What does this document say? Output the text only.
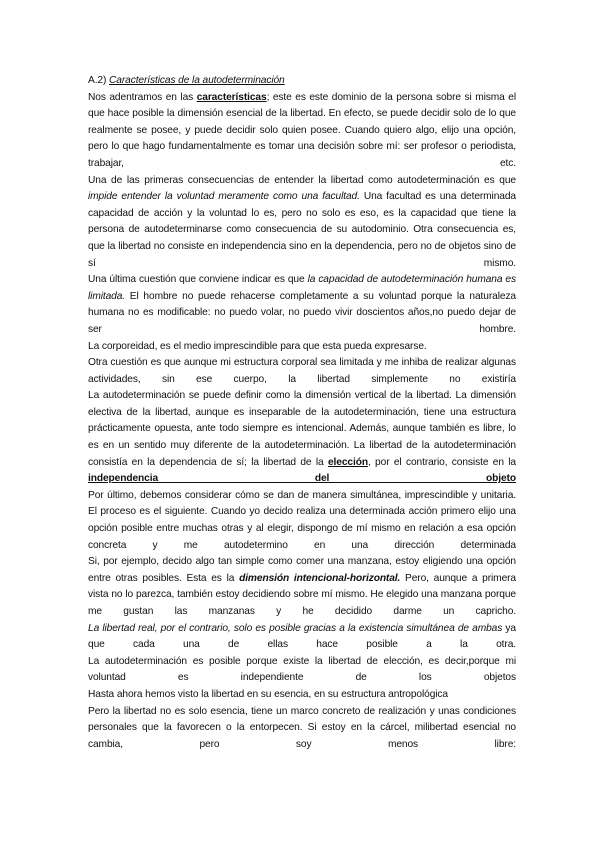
A.2) Características de la autodeterminación
Nos adentramos en las características; este es este dominio de la persona sobre si misma el que hace posible la dimensión esencial de la libertad. En efecto, se puede decidir solo de lo que realmente se posee, y puede decidir solo quien posee. Cuando quiero algo, elijo una opción, pero lo que hago fundamentalmente es tomar una decisión sobre mí: ser profesor o periodista, trabajar, etc.
Una de las primeras consecuencias de entender la libertad como autodeterminación es que impide entender la voluntad meramente como una facultad. Una facultad es una determinada capacidad de acción y la voluntad lo es, pero no solo es eso, es la capacidad que tiene la persona de autodeterminarse como consecuencia de su autodominio. Otra consecuencia es, que la libertad no consiste en independencia sino en la dependencia, pero no de objetos sino de sí mismo.
Una última cuestión que conviene indicar es que la capacidad de autodeterminación humana es limitada. El hombre no puede rehacerse completamente a su voluntad porque la naturaleza humana no es modificable: no puedo volar, no puedo vivir doscientos años,no puedo dejar de ser hombre.
La corporeidad, es el medio imprescindible para que esta pueda expresarse.
Otra cuestión es que aunque mi estructura corporal sea limitada y me inhiba de realizar algunas actividades, sin ese cuerpo, la libertad simplemente no existiría
La autodeterminación se puede definir como la dimensión vertical de la libertad. La dimensión electiva de la libertad, aunque es inseparable de la autodeterminación, tiene una estructura prácticamente opuesta, ante todo siempre es intencional. Además, aunque también es libre, lo es en un sentido muy diferente de la autodeterminación. La libertad de la autodeterminación consistía en la dependencia de sí; la libertad de la elección, por el contrario, consiste en la independencia del objeto
Por último, debemos considerar cómo se dan de manera simultánea, imprescindible y unitaria.
El proceso es el siguiente. Cuando yo decido realiza una determinada acción primero elijo una opción posible entre muchas otras y al elegir, dispongo de mí mismo en relación a esa opción concreta y me autodetermino en una dirección determinada
Si, por ejemplo, decido algo tan simple como comer una manzana, estoy eligiendo una opción entre otras posibles. Esta es la dimensión intencional-horizontal. Pero, aunque a primera vista no lo parezca, también estoy decidiendo sobre mí mismo. He elegido una manzana porque me gustan las manzanas y he decidido darme un capricho.
La libertad real, por el contrario, solo es posible gracias a la existencia simultánea de ambas ya que cada una de ellas hace posible a la otra.
La autodeterminación es posible porque existe la libertad de elección, es decir,porque mi voluntad es independiente de los objetos
Hasta ahora hemos visto la libertad en su esencia, en su estructura antropológica
Pero la libertad no es solo esencia, tiene un marco concreto de realización y unas condiciones personales que la favorecen o la entorpecen. Si estoy en la cárcel, milibertad esencial no cambia, pero soy menos libre:
